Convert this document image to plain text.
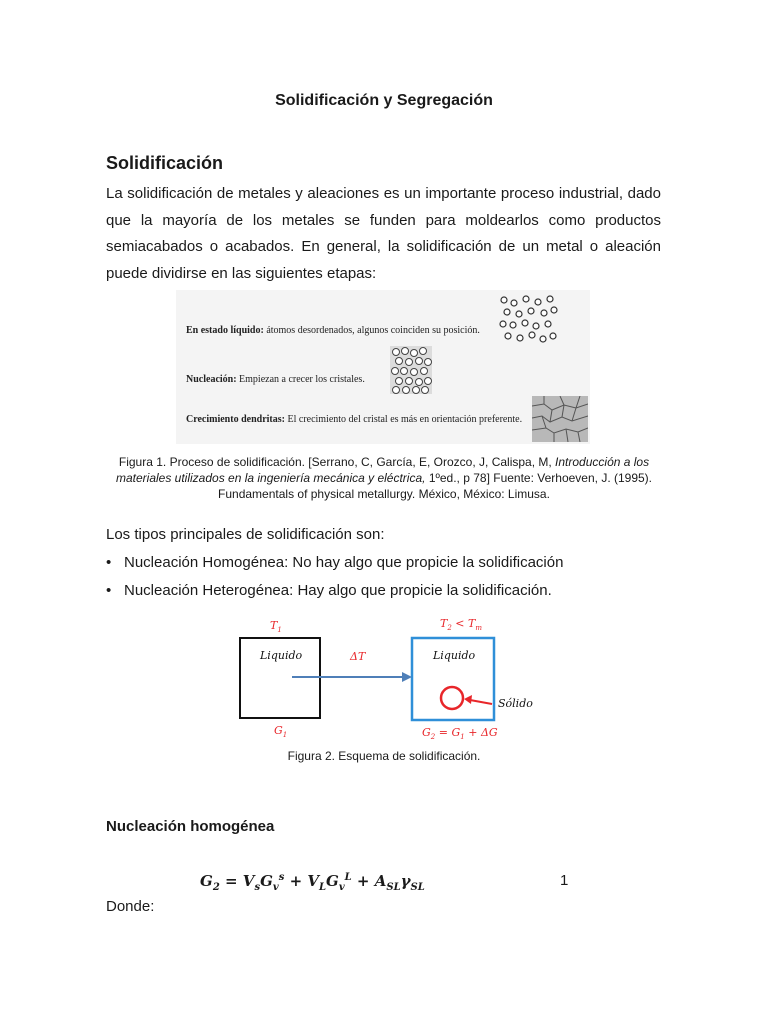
Solidificación y Segregación
Solidificación
La solidificación de metales y aleaciones es un importante proceso industrial, dado que la mayoría de los metales se funden para moldearlos como productos semiacabados o acabados. En general, la solidificación de un metal o aleación puede dividirse en las siguientes etapas:
En estado líquido: átomos desordenados, algunos coinciden su posición.
Nucleación: Empiezan a crecer los cristales.
Crecimiento dendritas: El crecimiento del cristal es más en orientación preferente.
Figura 1. Proceso de solidificación. [Serrano, C, García, E, Orozco, J, Calispa, M, Introducción a los materiales utilizados en la ingeniería mecánica y eléctrica, 1ºed., p 78] Fuente: Verhoeven, J. (1995). Fundamentals of physical metallurgy. México, México: Limusa.
Los tipos principales de solidificación son:
• Nucleación Homogénea: No hay algo que propicie la solidificación
• Nucleación Heterogénea: Hay algo que propicie la solidificación.
$T_1$	$T_2 < T_m$
Liquido	Liquido
ΔT
Sólido
$G_1$	$G_2 = G_1 + \Delta G$
Figura 2. Esquema de solidificación.
Nucleación homogénea
$G_2 = V_sG_v^s + V_LG_v^L + A_{SL}\gamma_{SL}$	1
Donde:
